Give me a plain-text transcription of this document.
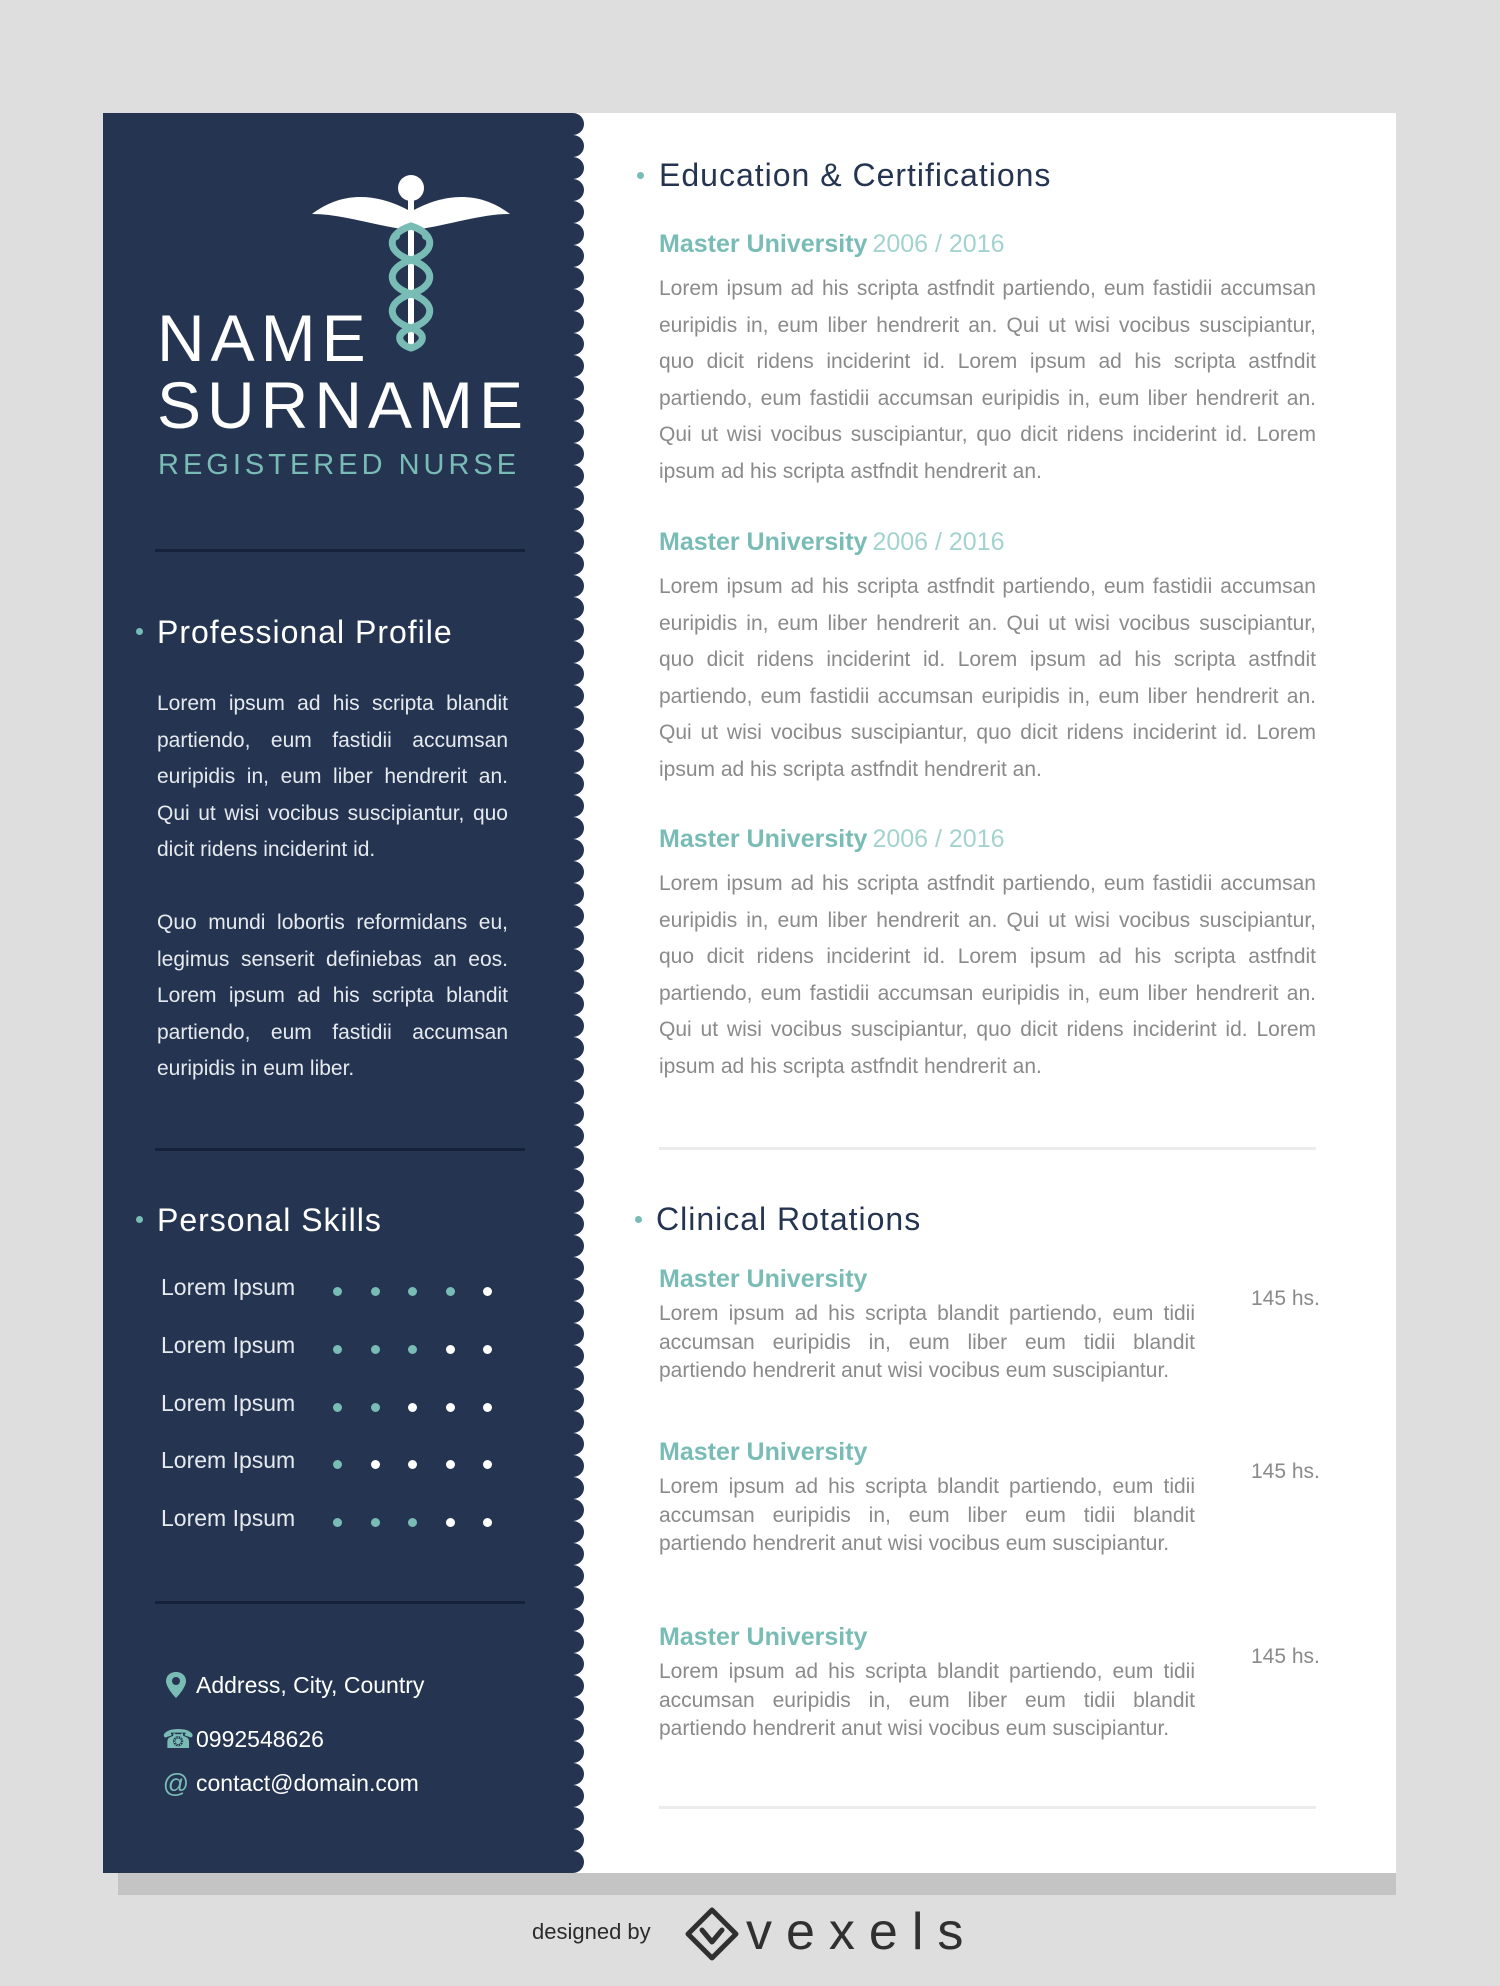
NAME
SURNAME
REGISTERED NURSE
Professional Profile
Lorem ipsum ad his scripta blandit partiendo, eum fastidii accumsan euripidis in, eum liber hendrerit an. Qui ut wisi vocibus suscipiantur, quo dicit ridens inciderint id.
Quo mundi lobortis reformidans eu, legimus senserit definiebas an eos. Lorem ipsum ad his scripta blandit partiendo, eum fastidii accumsan euripidis in eum liber.
Personal Skills
Lorem Ipsum
Lorem Ipsum
Lorem Ipsum
Lorem Ipsum
Lorem Ipsum
Address, City, Country
☎ 0992548626
@ contact@domain.com
Education & Certifications
Master University 2006 / 2016
Lorem ipsum ad his scripta astfndit partiendo, eum fastidii accumsan euripidis in, eum liber hendrerit an. Qui ut wisi vocibus suscipiantur, quo dicit ridens inciderint id. Lorem ipsum ad his scripta astfndit partiendo, eum fastidii accumsan euripidis in, eum liber hendrerit an. Qui ut wisi vocibus suscipiantur, quo dicit ridens inciderint id. Lorem ipsum ad his scripta astfndit hendrerit an.
Master University 2006 / 2016
Lorem ipsum ad his scripta astfndit partiendo, eum fastidii accumsan euripidis in, eum liber hendrerit an. Qui ut wisi vocibus suscipiantur, quo dicit ridens inciderint id. Lorem ipsum ad his scripta astfndit partiendo, eum fastidii accumsan euripidis in, eum liber hendrerit an. Qui ut wisi vocibus suscipiantur, quo dicit ridens inciderint id. Lorem ipsum ad his scripta astfndit hendrerit an.
Master University 2006 / 2016
Lorem ipsum ad his scripta astfndit partiendo, eum fastidii accumsan euripidis in, eum liber hendrerit an. Qui ut wisi vocibus suscipiantur, quo dicit ridens inciderint id. Lorem ipsum ad his scripta astfndit partiendo, eum fastidii accumsan euripidis in, eum liber hendrerit an. Qui ut wisi vocibus suscipiantur, quo dicit ridens inciderint id. Lorem ipsum ad his scripta astfndit hendrerit an.
Clinical Rotations
Master University
Lorem ipsum ad his scripta blandit partiendo, eum tidii accumsan euripidis in, eum liber eum tidii blandit partiendo hendrerit anut wisi vocibus eum suscipiantur.
145 hs.
Master University
Lorem ipsum ad his scripta blandit partiendo, eum tidii accumsan euripidis in, eum liber eum tidii blandit partiendo hendrerit anut wisi vocibus eum suscipiantur.
145 hs.
Master University
Lorem ipsum ad his scripta blandit partiendo, eum tidii accumsan euripidis in, eum liber eum tidii blandit partiendo hendrerit anut wisi vocibus eum suscipiantur.
145 hs.
designed by vexels
